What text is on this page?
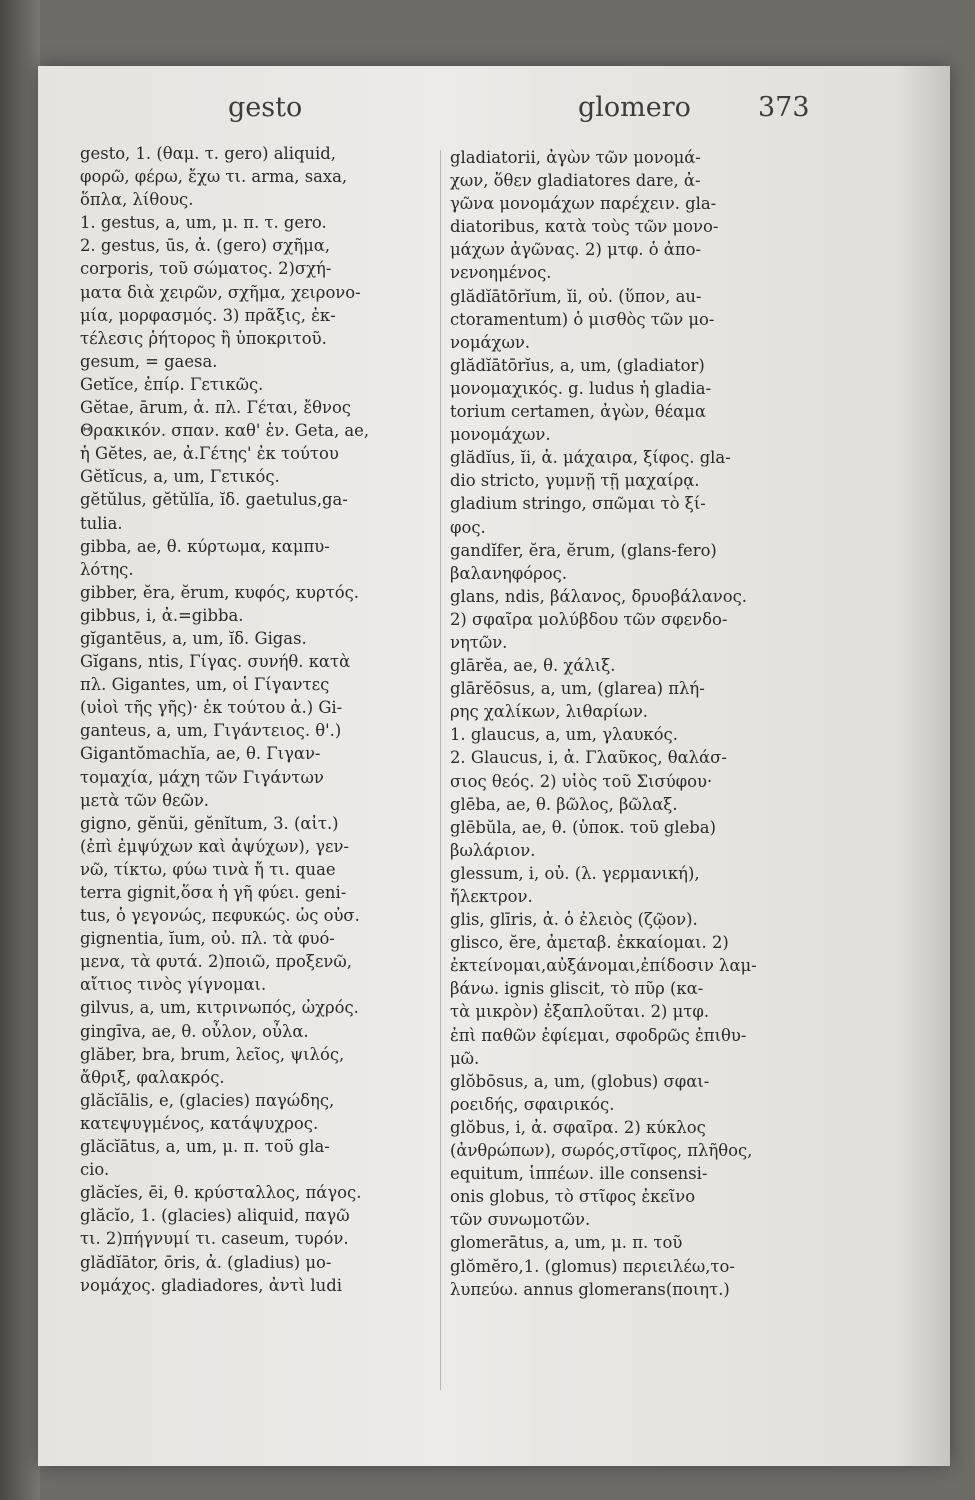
gesto	glomero 373
gesto, 1. (θαμ. τ. gero) aliquid,
φορῶ, φέρω, ἔχω τι. arma, saxa,
ὅπλα, λίθους.
1. gestus, a, um, μ. π. τ. gero.
2. gestus, ūs, ἀ. (gero) σχῆμα,
corporis, τοῦ σώματος. 2)σχή-
ματα διὰ χειρῶν, σχῆμα, χειρονο-
μία, μορφασμός. 3) πρᾶξις, ἐκ-
τέλεσις ῥήτορος ἢ ὑποκριτοῦ.
gesum, = gaesa.
Getĭce, ἐπίρ. Γετικῶς.
Gĕtae, ārum, ἀ. πλ. Γέται, ἔθνος
Θρακικόν. σπαν. καθ' ἑν. Geta, ae,
ἡ Gĕtes, ae, ἀ.Γέτης' ἐκ τούτου
Gĕtĭcus, a, um, Γετικός.
gĕtŭlus, gĕtŭlĭa, ĭδ. gaetulus,ga-
tulia.
gibba, ae, θ. κύρτωμα, καμπυ-
λότης.
gibber, ĕra, ĕrum, κυφός, κυρτός.
gibbus, i, ἀ.=gibba.
gĭgantēus, a, um, ĭδ. Gigas.
Gĭgans, ntis, Γίγας. συνήθ. κατὰ
πλ. Gigantes, um, οἱ Γίγαντες
(υἱοὶ τῆς γῆς)· ἐκ τούτου ἀ.) Gi-
ganteus, a, um, Γιγάντειος. θ'.)
Gigantŏmachĭa, ae, θ. Γιγαν-
τομαχία, μάχη τῶν Γιγάντων
μετὰ τῶν θεῶν.
gigno, gĕnŭi, gĕnĭtum, 3. (αἰτ.)
(ἐπὶ ἐμψύχων καὶ ἀψύχων), γεν-
νῶ, τίκτω, φύω τινὰ ἤ τι. quae
terra gignit,ὅσα ἡ γῆ φύει. geni-
tus, ὁ γεγονώς, πεφυκώς. ὡς οὐσ.
gignentia, ĭum, οὐ. πλ. τὰ φυό-
μενα, τὰ φυτά. 2)ποιῶ, προξενῶ,
αἴτιος τινὸς γίγνομαι.
gilvus, a, um, κιτρινωπός, ὠχρός.
gingīva, ae, θ. οὖλον, οὖλα.
glăber, bra, brum, λεῖος, ψιλός,
ἄθριξ, φαλακρός.
glăcĭālis, e, (glacies) παγώδης,
κατεψυγμένος, κατάψυχρος.
glăcĭātus, a, um, μ. π. τοῦ gla-
cio.
glăcĭes, ēi, θ. κρύσταλλος, πάγος.
glăcĭo, 1. (glacies) aliquid, παγῶ
τι. 2)πήγνυμί τι. caseum, τυρόν.
glădĭātor, ōris, ἀ. (gladius) μο-
νομάχος. gladiadores, ἀντὶ ludi
gladiatorii, ἀγὼν τῶν μονομά-
χων, ὅθεν gladiatores dare, ἀ-
γῶνα μονομάχων παρέχειν. gla-
diatoribus, κατὰ τοὺς τῶν μονο-
μάχων ἀγῶνας. 2) μτφ. ὁ ἀπο-
νενοημένος.
glădĭātōrĭum, ĭi, οὐ. (ὕπον, au-
ctoramentum) ὁ μισθὸς τῶν μο-
νομάχων.
glădĭātōrĭus, a, um, (gladiator)
μονομαχικός. g. ludus ἡ gladia-
torium certamen, ἀγὼν, θέαμα
μονομάχων.
glădĭus, ĭi, ἀ. μάχαιρα, ξίφος. gla-
dio stricto, γυμνῇ τῇ μαχαίρᾳ.
gladium stringo, σπῶμαι τὸ ξί-
φος.
gandĭfer, ĕra, ĕrum, (glans-fero)
βαλανηφόρος.
glans, ndis, βάλανος, δρυοβάλανος.
2) σφαῖρα μολύβδου τῶν σφενδο-
νητῶν.
glārĕa, ae, θ. χάλιξ.
glārĕōsus, a, um, (glarea) πλή-
ρης χαλίκων, λιθαρίων.
1. glaucus, a, um, γλαυκός.
2. Glaucus, i, ἀ. Γλαῦκος, θαλάσ-
σιος θεός. 2) υἱὸς τοῦ Σισύφου·
glēba, ae, θ. βῶλος, βῶλαξ.
glēbŭla, ae, θ. (ὑποκ. τοῦ gleba)
βωλάριον.
glessum, i, οὐ. (λ. γερμανική),
ἤλεκτρον.
glis, glīris, ἀ. ὁ ἐλειὸς (ζῷον).
glisco, ĕre, ἀμεταβ. ἐκκαίομαι. 2)
ἐκτείνομαι,αὐξάνομαι,ἐπίδοσιν λαμ-
βάνω. ignis gliscit, τὸ πῦρ (κα-
τὰ μικρὸν) ἐξαπλοῦται. 2) μτφ.
ἐπὶ παθῶν ἐφίεμαι, σφοδρῶς ἐπιθυ-
μῶ.
glŏbōsus, a, um, (globus) σφαι-
ροειδής, σφαιρικός.
glŏbus, i, ἀ. σφαῖρα. 2) κύκλος
(ἀνθρώπων), σωρός,στῖφος, πλῆθος,
equitum, ἱππέων. ille consensi-
onis globus, τὸ στῖφος ἐκεῖνο
τῶν συνωμοτῶν.
glomerātus, a, um, μ. π. τοῦ
glŏmĕro,1. (glomus) περιειλέω,το-
λυπεύω. annus glomerans(ποιητ.)
